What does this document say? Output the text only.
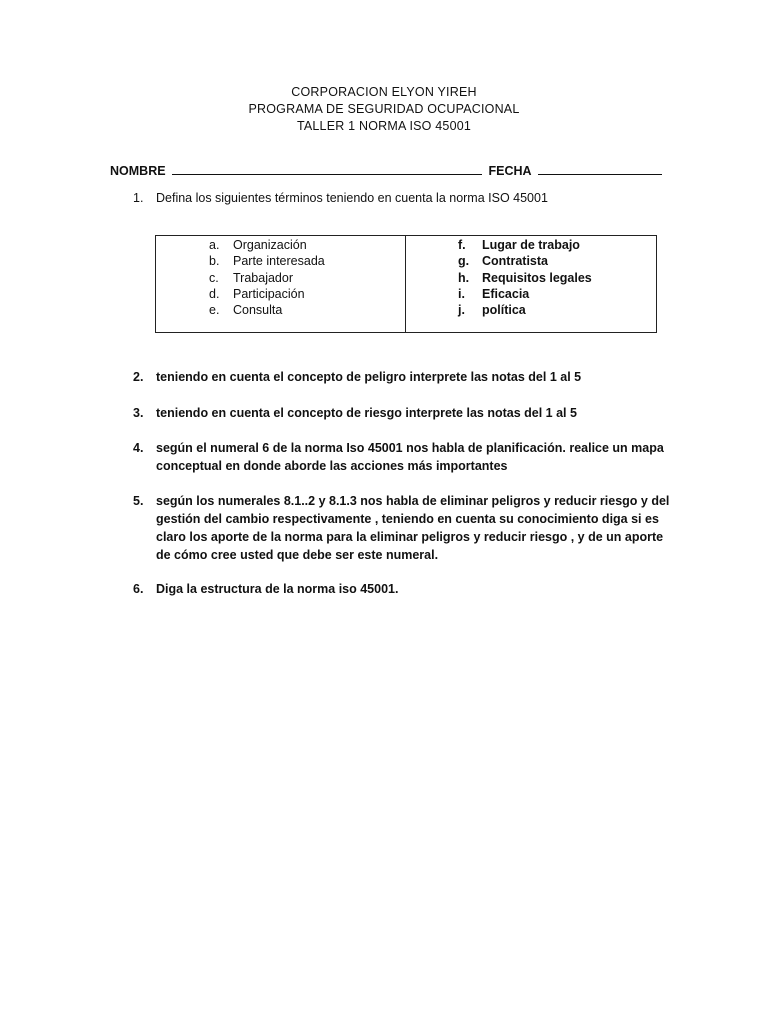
CORPORACION ELYON YIREH
PROGRAMA DE SEGURIDAD OCUPACIONAL
TALLER 1 NORMA ISO 45001
NOMBRE	FECHA
1.	Defina los siguientes términos teniendo en cuenta la norma ISO 45001
a.	Organización
b.	Parte interesada
c.	Trabajador
d.	Participación
e.	Consulta
f.	Lugar de trabajo
g.	Contratista
h.	Requisitos legales
i.	Eficacia
j.	política
2.	teniendo en cuenta el concepto de peligro interprete las notas del 1 al 5
3.	teniendo en cuenta el concepto de riesgo interprete las notas del 1 al 5
4.	según el numeral 6 de la norma Iso 45001 nos habla de planificación. realice un mapa conceptual en donde aborde las acciones más importantes
5.	según los numerales 8.1..2 y 8.1.3 nos habla de eliminar peligros y reducir riesgo y del gestión del cambio respectivamente , teniendo en cuenta su conocimiento diga si es claro los aporte de la norma para la eliminar peligros y reducir riesgo , y de un aporte de cómo cree usted que debe ser este numeral.
6.	Diga la estructura de la norma iso 45001.
